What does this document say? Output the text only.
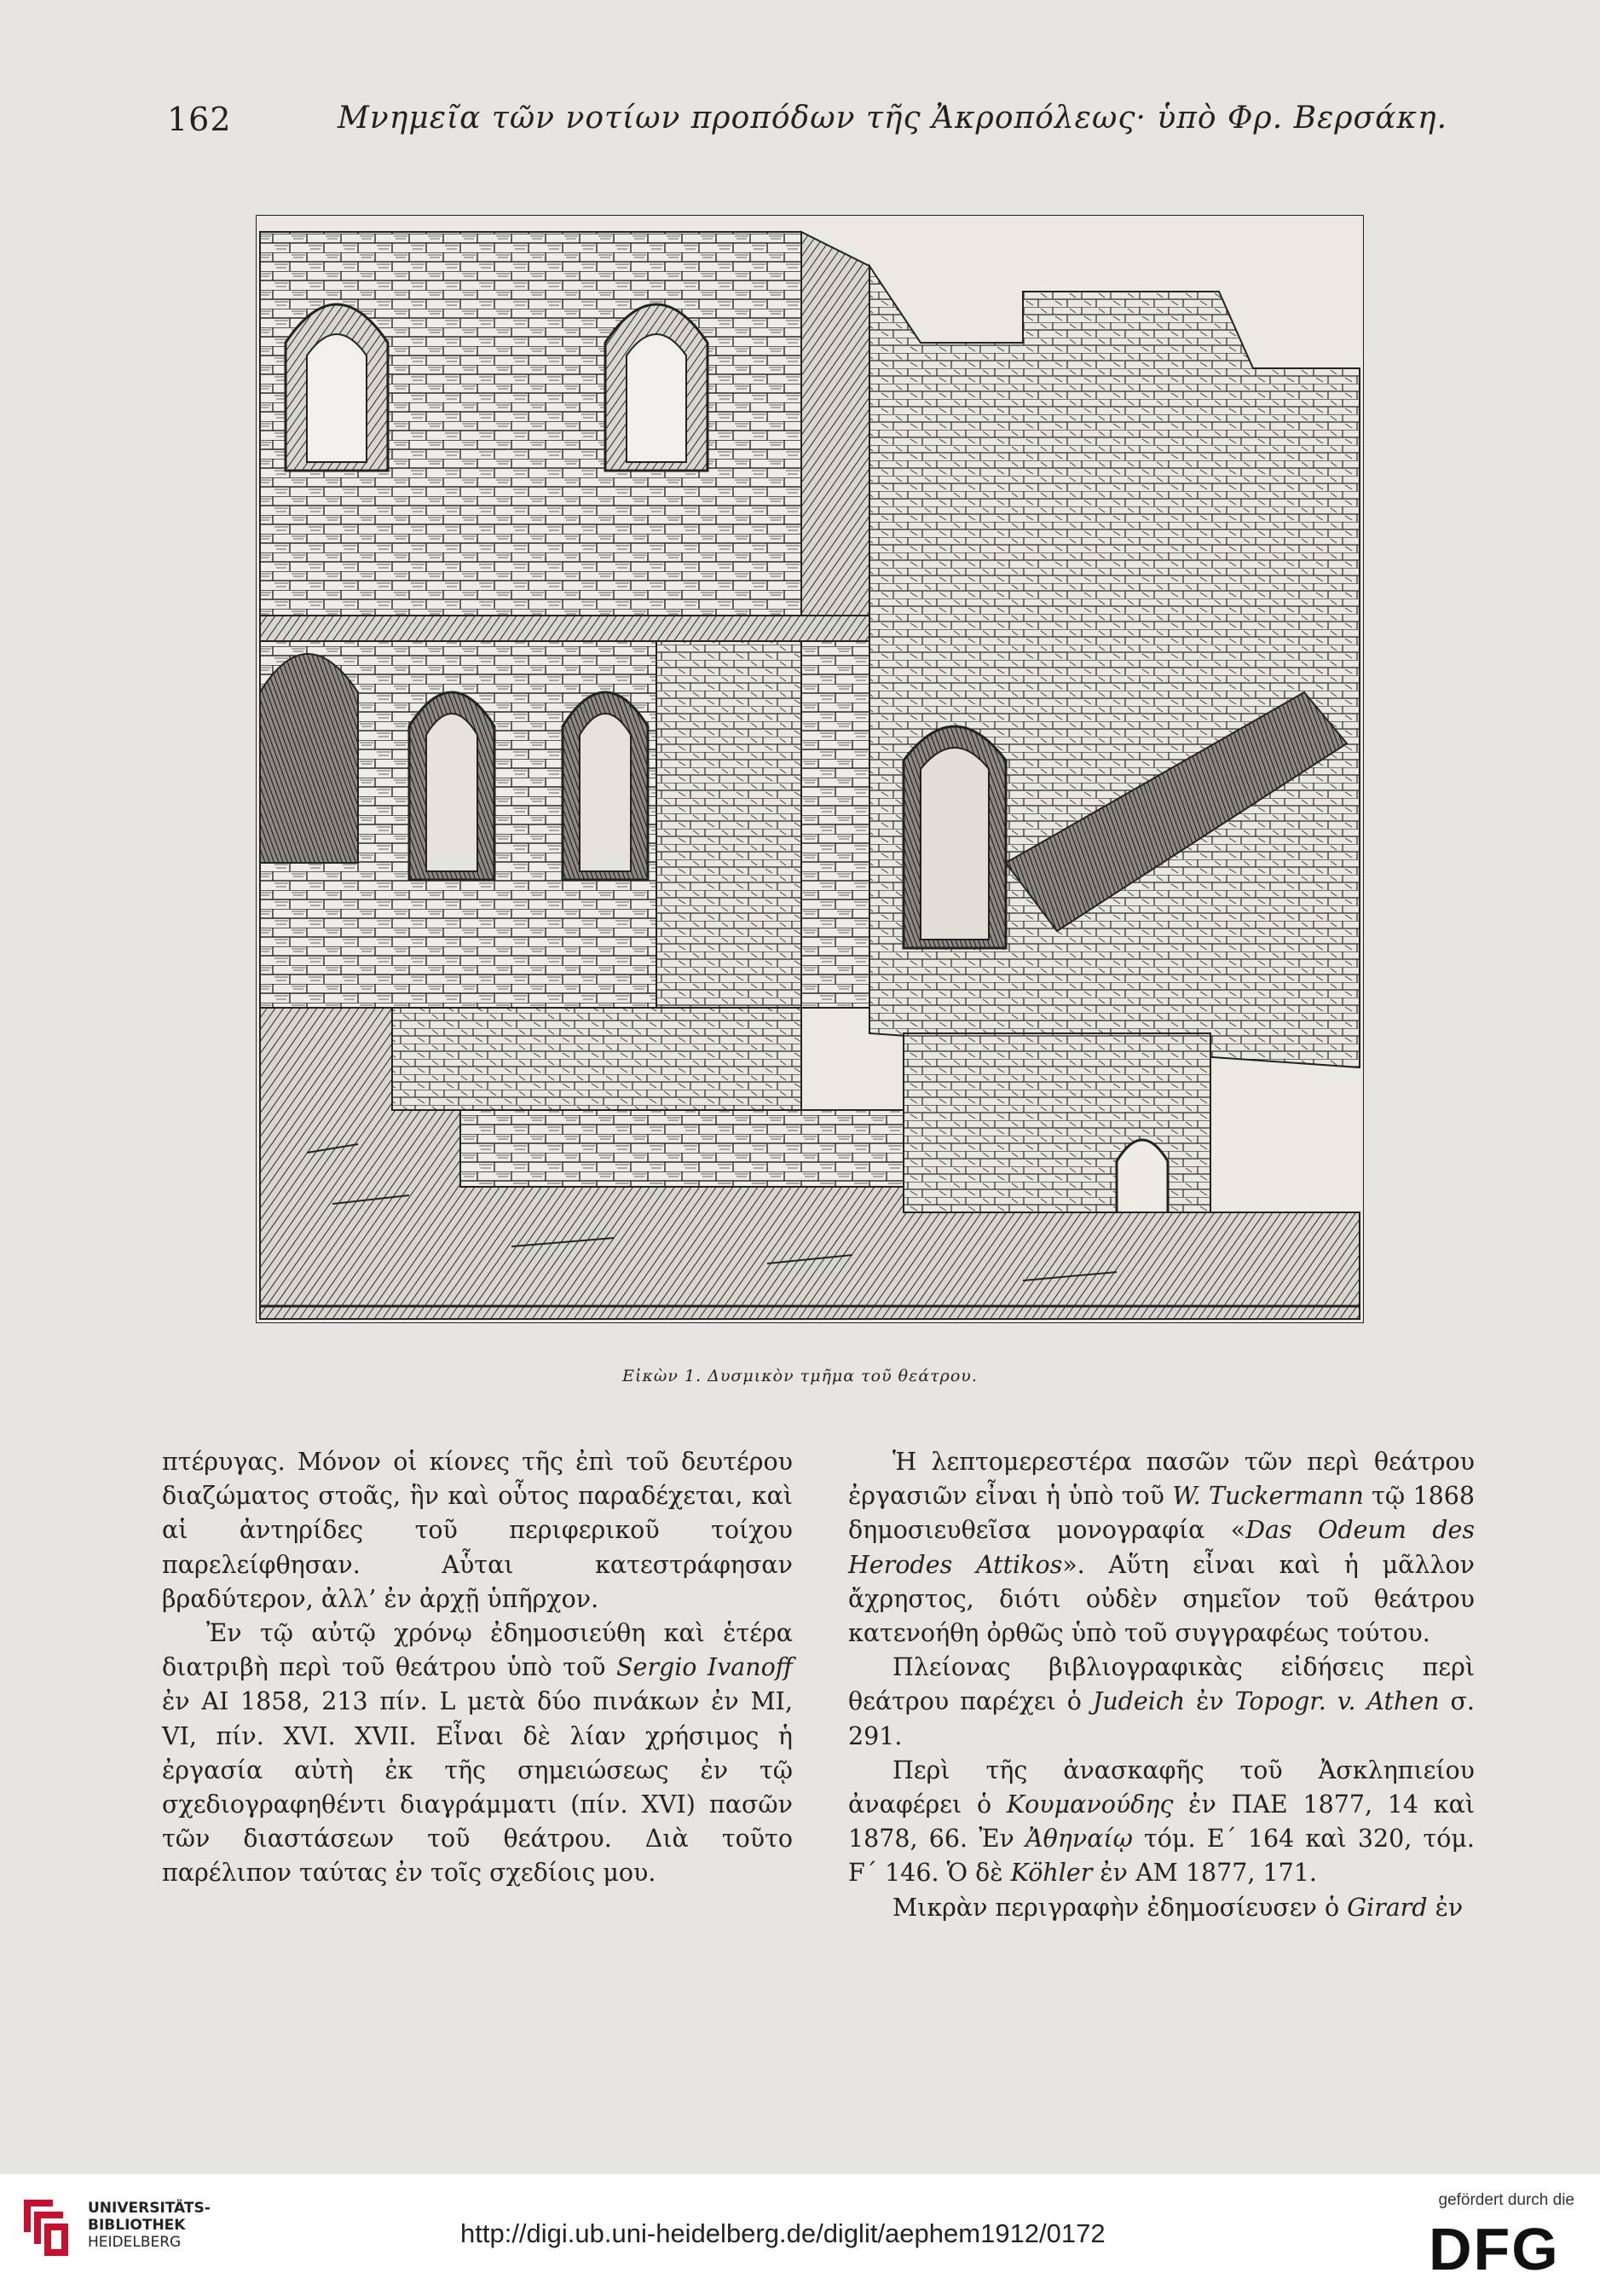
162	Μνημεῖα τῶν νοτίων προπόδων τῆς Ἀκροπόλεως· ὑπὸ Φρ. Βερσάκη.
Εἰκὼν 1. Δυσμικὸν τμῆμα τοῦ θεάτρου.

πτέρυγας. Μόνον οἱ κίονες τῆς ἐπὶ τοῦ δευτέρου διαζώματος στοᾶς, ἣν καὶ οὗτος παραδέχεται, καὶ αἱ ἀντηρίδες τοῦ περιφερικοῦ τοίχου παρελείφθησαν. Αὗται κατεστράφησαν βραδύτερον, ἀλλ’ ἐν ἀρχῇ ὑπῆρχον.

Ἐν τῷ αὐτῷ χρόνῳ ἐδημοσιεύθη καὶ ἑτέρα διατριβὴ περὶ τοῦ θεάτρου ὑπὸ τοῦ Sergio Ivanoff ἐν ΑΙ 1858, 213 πίν. L μετὰ δύο πινάκων ἐν ΜΙ, VI, πίν. XVI. XVII. Εἶναι δὲ λίαν χρήσιμος ἡ ἐργασία αὐτὴ ἐκ τῆς σημειώσεως ἐν τῷ σχεδιογραφηθέντι διαγράμματι (πίν. XVI) πασῶν τῶν διαστάσεων τοῦ θεάτρου. Διὰ τοῦτο παρέλιπον ταύτας ἐν τοῖς σχεδίοις μου.

Ἡ λεπτομερεστέρα πασῶν τῶν περὶ θεάτρου ἐργασιῶν εἶναι ἡ ὑπὸ τοῦ W. Tuckermann τῷ 1868 δημοσιευθεῖσα μονογραφία «Das Odeum des Herodes Attikos». Αὕτη εἶναι καὶ ἡ μᾶλλον ἄχρηστος, διότι οὐδὲν σημεῖον τοῦ θεάτρου κατενοήθη ὀρθῶς ὑπὸ τοῦ συγγραφέως τούτου.

Πλείονας βιβλιογραφικὰς εἰδήσεις περὶ θεάτρου παρέχει ὁ Judeich ἐν Topogr. v. Athen σ. 291.

Περὶ τῆς ἀνασκαφῆς τοῦ Ἀσκληπιείου ἀναφέρει ὁ Κουμανούδης ἐν ΠΑΕ 1877, 14 καὶ 1878, 66. Ἐν Ἀθηναίῳ τόμ. Ε΄ 164 καὶ 320, τόμ. F΄ 146. Ὁ δὲ Köhler ἐν ΑΜ 1877, 171.

Μικρὰν περιγραφὴν ἐδημοσίευσεν ὁ Girard ἐν

UNIVERSITÄTS-
BIBLIOTHEK
HEIDELBERG	http://digi.ub.uni-heidelberg.de/diglit/aephem1912/0172
gefördert durch die
DFG
